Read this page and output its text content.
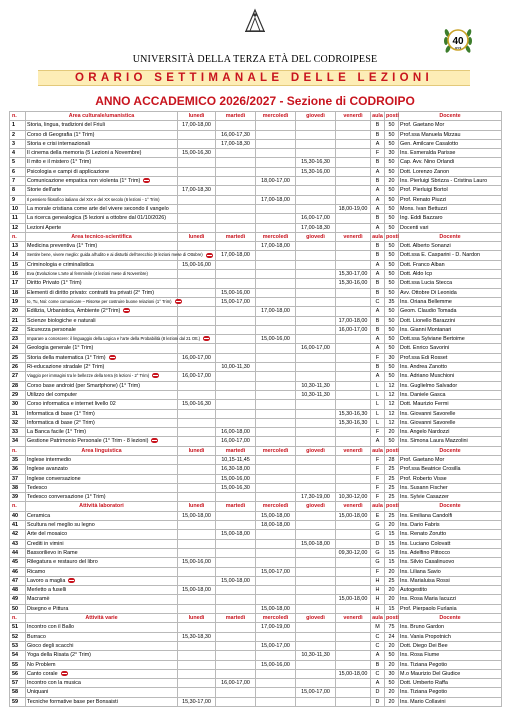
UNIVERSITÀ DELLA TERZA ETÀ DEL CODROIPESE
40
anni
ORARIO SETTIMANALE DELLE LEZIONI
ANNO ACCADEMICO 2026/2027 - Sezione di CODROIPO
n.	Area culturale/umanistica	lunedì	martedì	mercoledì	giovedì	venerdì	aula	posti	Docente
1	Storia, lingua, tradizioni del Friuli	17,00-18,00					B	50	Prof. Gaetano Mor
2	Corso di Geografia (1° Trim)		16,00-17,30				B	50	Prof.ssa Manuela Mizzau
3	Storia e crisi internazionali		17,00-18,30				A	50	Gen. Amilcare Casalotto
4	Il cinema della memoria (5 Lezioni a Novembre)	15,00-16,30					F	30	Ins. Esmeralda Parisse
5	Il mito e il mistero (1° Trim)				15,30-16,30		B	50	Cap. Avv. Nino Orlandi
6	Psicologia e campi di applicazione				15,30-16,00		A	50	Dott. Lorenzo Zanon
7	Comunicazione empatica non violenta (1° Trim)			18,00-17,00			B	20	Ins. Pierluigi Sbrizza - Cristina Lauro
8	Storie dell'arte	17,00-18,30					A	50	Prof. Pierluigi Bortol
9	Il pensiero filosofico italiano del XIX e del XX secolo (6 lezioni - 1° Trim)			17,00-18,00			A	50	Prof. Renato Piuzzi
10	La morale cristiana come arte del vivere secondo il vangelo					18,00-19,00	A	50	Mons. Ivan Bettuzzi
11	La ricerca genealogica (5 lezioni a ottobre dal 01/10/2026)				16,00-17,00		B	50	Ing. Eddi Bazzaro
12	Lezioni Aperte				17,00-18,30		A	50	Docenti vari
n.	Area tecnico-scientifica	lunedì	martedì	mercoledì	giovedì	venerdì	aula	posti	Docente
13	Medicina preventiva (1° Trim)			17,00-18,00			B	50	Dott. Alberto Sonanzi
14	Sentire bene, vivere meglio: guida all'udito e ai disturbi dell'orecchio (8 lezioni mese di Ottobre)		17,00-18,00				B	50	Dott.ssa E. Casparini - D. Nardon
15	Criminologia e criminalistica	15,00-16,00					A	50	Dott. Franco Alban
16	Eva (Evoluzione L'arte al femminile (4 lezioni mese di Novembre)					15,30-17,00	A	50	Dott. Aldo Icp
17	Diritto Privato (1° Trim)					15,30-16,00	B	50	Dott.ssa Lucia Stecca
18	Elementi di diritto privato: contratti tra privati (2° Trim)		15,00-16,00				B	50	Avv. Ottobre Di Leonida
19	Io, Tu, Noi: come comunicare – Risorse per costruire buone relazioni (1° Trim)		15,00-17,00				C	35	Ins. Oriana Bellemme
20	Edilizia, Urbanistica, Ambiente (2°Trim)			17,00-18,00			A	50	Geom. Claudio Tomada
21	Scienze biologiche e naturali					17,00-18,00	B	50	Dott. Lionello Barazzini
22	Sicurezza personale					16,00-17,00	B	50	Ins. Gianni Montanari
23	Imparare a conoscere: il linguaggio della Logica e l'arte della Probabilità (8 lezioni dal 21 Ott.)			15,00-16,00			A	50	Dott.ssa Sylviane Bertoime
24	Geologia generale (1° Trim)				16,00-17,00		A	50	Dott. Enrico Savorini
25	Storia della matematica (1° Trim)	16,00-17,00					F	30	Prof.ssa Edi Rosset
26	Ri-educazione stradale (2° Trim)		10,00-11,30				B	50	Ins. Andrea Zanotto
27	Viaggio per immagini tra le bellezze della terra (6 lezioni - 2° Trim)	16,00-17,00					A	50	Ins. Adriano Muschioni
28	Corso base android (per Smartphone) (1° Trim)				10,30-11,30		L	12	Ins. Guglielmo Salvador
29	Utilizzo del computer				10,30-11,30		L	12	Ins. Daniele Gasca
30	Corso informatica e internet livello 02	15,00-16,30					L	12	Dott. Maurizio Fermi
31	Informatica di base (1° Trim)					15,30-16,30	L	12	Ins. Giovanni Savorelle
32	Informatica di base (2° Trim)					15,30-16,30	L	12	Ins. Giovanni Savorelle
33	La Banca facile (1° Trim)		16,00-18,00				F	20	Ins. Angelo Nardozzi
34	Gestione Patrimonio Personale (1° Trim - 8 lezioni)		16,00-17,00				A	50	Ins. Simona Laura Mazzolini
n.	Area linguistica	lunedì	martedì	mercoledì	giovedì	venerdì	aula	posti	Docente
35	Inglese intermedio		10,15-11,45				F	28	Prof. Gaetano Mor
36	Inglese avanzato		16,30-18,00				F	25	Prof.ssa Beatrice Crosilla
37	Inglese conversazione		15,00-16,00				F	25	Prof. Roberto Visse
38	Tedesco		15,00-16,30				F	25	Ins. Susann Fischer
39	Tedesco conversazione (1° Trim)				17,30-19,00	10,30-12,00	F	25	Ins. Sylvie Casazzer
n.	Attività laboratori	lunedì	martedì	mercoledì	giovedì	venerdì	aula	posti	Docente
40	Ceramica	15,00-18,00		15,00-18,00		15,00-18,00	E	25	Ins. Emiliana Candolfi
41	Scultura nel meglio su legno			18,00-18,00			G	20	Ins. Dario Fabris
42	Arte del mosaico		15,00-18,00				G	15	Ins. Renato Zorutto
43	Crediti in vimini				15,00-18,00		D	15	Ins. Luciano Colovatt
44	Bassorilievo in Rame					09,30-12,00	G	15	Ins. Adelfino Pittocco
45	Rilegatura e restauro del libro	15,00-16,00					G	15	Ins. Silvio Casalinuovo
46	Ricamo			15,00-17,00			F	20	Ins. Liliana Savio
47	Lavoro a maglia		15,00-18,00				H	25	Ins. Marialuisa Rossi
48	Merletto a fuselli	15,00-18,00					H	20	Autogestito
49	Macramè					15,00-18,00	H	20	Ins. Rosa Maria Iacuzzi
50	Disegno e Pittura			15,00-18,00			H	15	Prof. Pierpaolo Furlania
n.	Attività varie	lunedì	martedì	mercoledì	giovedì	venerdì	aula	posti	Docente
51	Incontro con il Ballo			17,00-19,00			M	75	Ins. Bruno Gardon
52	Burraco	15,30-18,30					C	24	Ins. Vania Propotnich
53	Gioco degli scacchi			15,00-17,00			C	20	Dott. Diego Dei Bee
54	Yoga della Risata (2° Trim)				10,30-11,30		A	50	Ins. Rosa Fiume
55	No Problem			15,00-16,00			B	20	Ins. Tiziana Pegotio
56	Canto corale					15,00-18,00	C	30	M.o Maurizio Del Giudice
57	Incontro con la musica		16,00-17,00				A	50	Dott. Umberto Raffa
58	Uniquani				15,00-17,00		D	20	Ins. Tiziana Pegotio
59	Tecniche formative base per Bonsaisti	15,30-17,00					D	20	Ins. Mario Collavini
